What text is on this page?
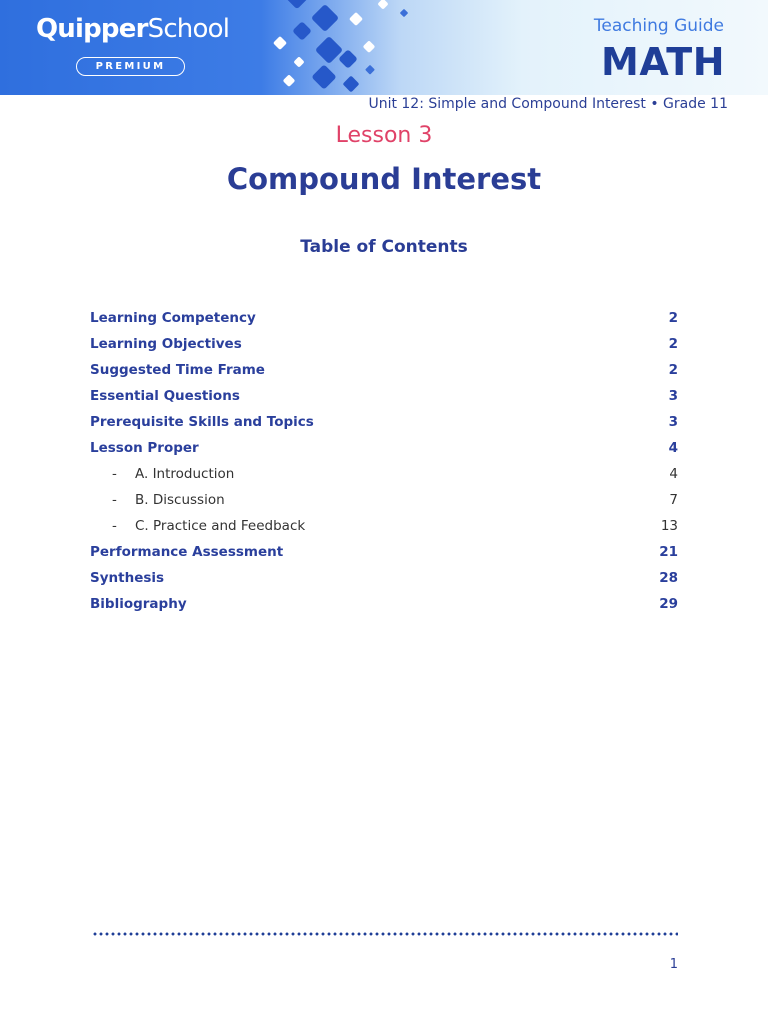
QuipperSchool
PREMIUM
Teaching Guide
MATH
Unit 12: Simple and Compound Interest • Grade 11
Lesson 3
Compound Interest
Table of Contents
Learning Competency	2
Learning Objectives	2
Suggested Time Frame	2
Essential Questions	3
Prerequisite Skills and Topics	3
Lesson Proper	4
-	A. Introduction	4
-	B. Discussion	7
-	C. Practice and Feedback	13
Performance Assessment	21
Synthesis	28
Bibliography	29
1
